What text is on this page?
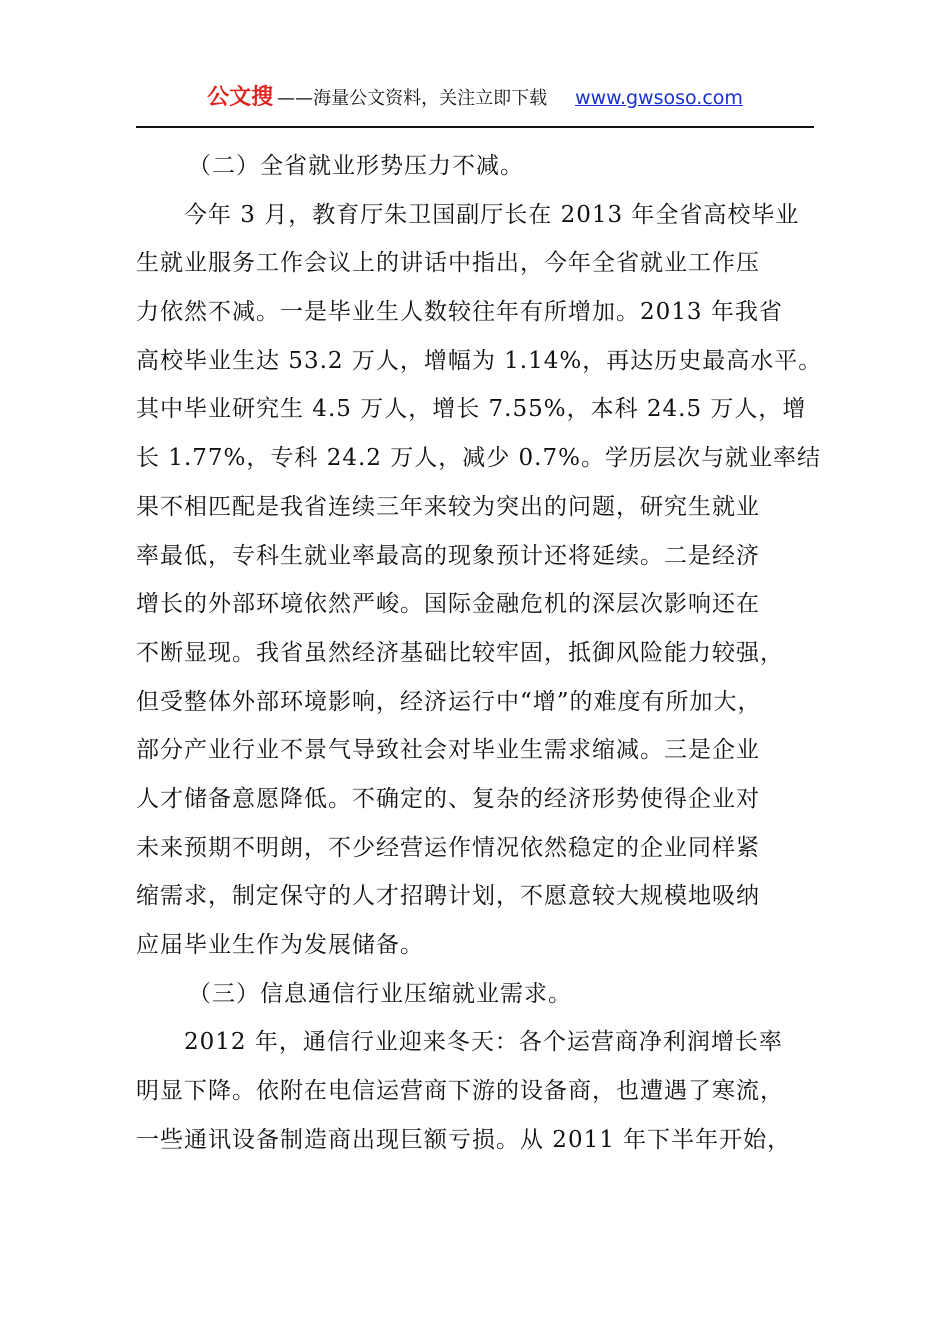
公文搜 ——海量公文资料，关注立即下载 www.gwsoso.com
（二）全省就业形势压力不减。
今年 3 月，教育厅朱卫国副厅长在 2013 年全省高校毕业
生就业服务工作会议上的讲话中指出，今年全省就业工作压
力依然不减。一是毕业生人数较往年有所增加。2013 年我省
高校毕业生达 53.2 万人，增幅为 1.14%，再达历史最高水平。
其中毕业研究生 4.5 万人，增长 7.55%，本科 24.5 万人，增
长 1.77%，专科 24.2 万人，减少 0.7%。学历层次与就业率结
果不相匹配是我省连续三年来较为突出的问题，研究生就业
率最低，专科生就业率最高的现象预计还将延续。二是经济
增长的外部环境依然严峻。国际金融危机的深层次影响还在
不断显现。我省虽然经济基础比较牢固，抵御风险能力较强，
但受整体外部环境影响，经济运行中“增”的难度有所加大，
部分产业行业不景气导致社会对毕业生需求缩减。三是企业
人才储备意愿降低。不确定的、复杂的经济形势使得企业对
未来预期不明朗，不少经营运作情况依然稳定的企业同样紧
缩需求，制定保守的人才招聘计划，不愿意较大规模地吸纳
应届毕业生作为发展储备。
（三）信息通信行业压缩就业需求。
2012 年，通信行业迎来冬天：各个运营商净利润增长率
明显下降。依附在电信运营商下游的设备商，也遭遇了寒流，
一些通讯设备制造商出现巨额亏损。从 2011 年下半年开始，
